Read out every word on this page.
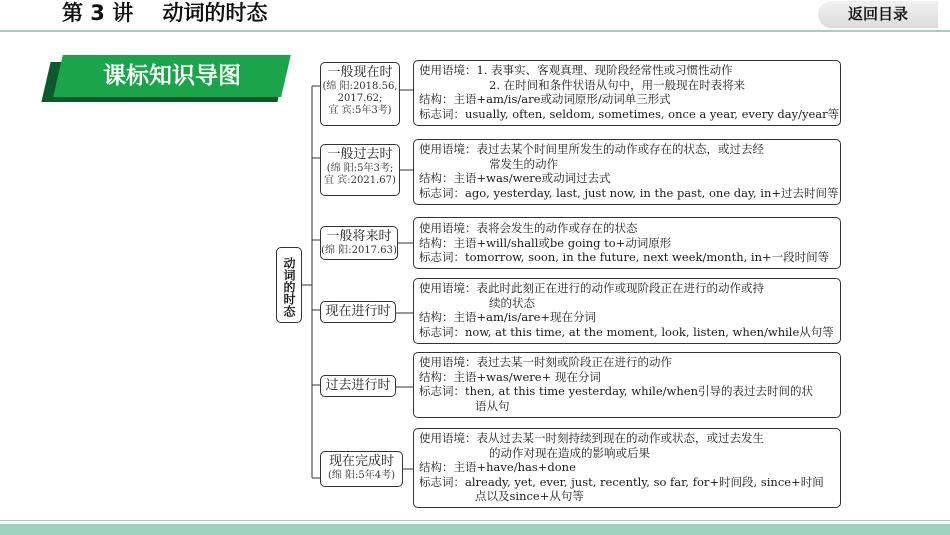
第 3 讲    动词的时态	返回目录
课标知识导图
动词的时态
一般现在时
(绵 阳:2018.56,
2017.62;
宜 宾:5年3考)
使用语境：1. 表事实、客观真理、现阶段经常性或习惯性动作
2. 在时间和条件状语从句中，用一般现在时表将来
结构：主语+am/is/are或动词原形/动词单三形式
标志词：usually, often, seldom, sometimes, once a year, every day/year等
一般过去时
(绵 阳:5年3考;
宜 宾:2021.67)
使用语境：表过去某个时间里所发生的动作或存在的状态，或过去经
常发生的动作
结构：主语+was/were或动词过去式
标志词：ago, yesterday, last, just now, in the past, one day, in+过去时间等
一般将来时
(绵 阳:2017.63)
使用语境：表将会发生的动作或存在的状态
结构：主语+will/shall或be going to+动词原形
标志词：tomorrow, soon, in the future, next week/month, in+一段时间等
现在进行时
使用语境：表此时此刻正在进行的动作或现阶段正在进行的动作或持
续的状态
结构：主语+am/is/are+现在分词
标志词：now, at this time, at the moment, look, listen, when/while从句等
过去进行时
使用语境：表过去某一时刻或阶段正在进行的动作
结构：主语+was/were+ 现在分词
标志词：then, at this time yesterday, while/when引导的表过去时间的状
语从句
现在完成时
(绵 阳:5年4考)
使用语境：表从过去某一时刻持续到现在的动作或状态，或过去发生
的动作对现在造成的影响或后果
结构：主语+have/has+done
标志词：already, yet, ever, just, recently, so far, for+时间段, since+时间
点以及since+从句等
